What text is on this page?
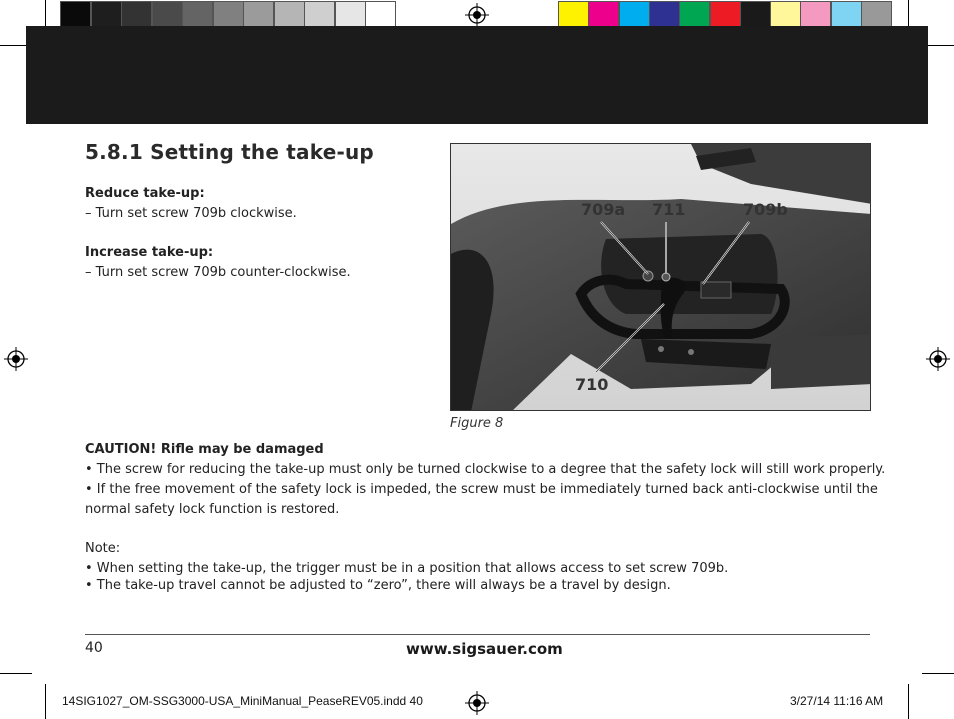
5.8.1 Setting the take-up
Reduce take-up:
– Turn set screw 709b clockwise.
Increase take-up:
– Turn set screw 709b counter-clockwise.
709a 711	709b
710
Figure 8
CAUTION! Rifle may be damaged
• The screw for reducing the take-up must only be turned clockwise to a degree that the safety lock will still work properly.
• If the free movement of the safety lock is impeded, the screw must be immediately turned back anti-clockwise until the
normal safety lock function is restored.
Note:
• When setting the take-up, the trigger must be in a position that allows access to set screw 709b.
• The take-up travel cannot be adjusted to “zero”, there will always be a travel by design.
40	www.sigsauer.com
14SIG1027_OM-SSG3000-USA_MiniManual_PeaseREV05.indd 40	3/27/14 11:16 AM
